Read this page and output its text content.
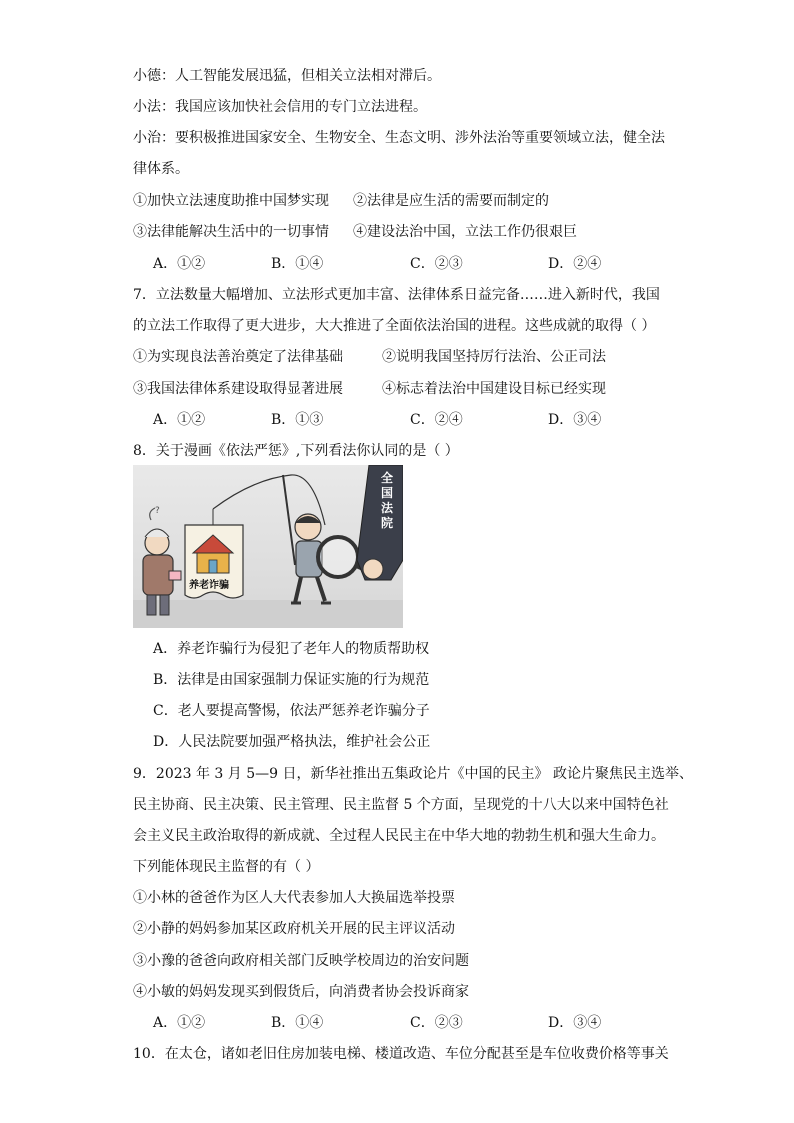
小德：人工智能发展迅猛，但相关立法相对滞后。
小法：我国应该加快社会信用的专门立法进程。
小治：要积极推进国家安全、生物安全、生态文明、涉外法治等重要领域立法，健全法
律体系。
①加快立法速度助推中国梦实现 ②法律是应生活的需要而制定的
③法律能解决生活中的一切事情 ④建设法治中国，立法工作仍很艰巨
A．①②	B．①④	C．②③	D．②④
7．立法数量大幅增加、立法形式更加丰富、法律体系日益完备……进入新时代，我国
的立法工作取得了更大进步，大大推进了全面依法治国的进程。这些成就的取得（ ）
①为实现良法善治奠定了法律基础	②说明我国坚持厉行法治、公正司法
③我国法律体系建设取得显著进展	④标志着法治中国建设目标已经实现
A．①②	B．①③	C．②④	D．③④
8．关于漫画《依法严惩》,下列看法你认同的是（ ）
?
养老诈骗
全
国
法
院
A．养老诈骗行为侵犯了老年人的物质帮助权
B．法律是由国家强制力保证实施的行为规范
C．老人要提高警惕，依法严惩养老诈骗分子
D．人民法院要加强严格执法，维护社会公正
9．2023 年 3 月 5—9 日，新华社推出五集政论片《中国的民主》 政论片聚焦民主选举、
民主协商、民主决策、民主管理、民主监督 5 个方面，呈现党的十八大以来中国特色社
会主义民主政治取得的新成就、全过程人民民主在中华大地的勃勃生机和强大生命力。
下列能体现民主监督的有（ ）
①小林的爸爸作为区人大代表参加人大换届选举投票
②小静的妈妈参加某区政府机关开展的民主评议活动
③小豫的爸爸向政府相关部门反映学校周边的治安问题
④小敏的妈妈发现买到假货后，向消费者协会投诉商家
A．①②	B．①④	C．②③	D．③④
10．在太仓，诸如老旧住房加装电梯、楼道改造、车位分配甚至是车位收费价格等事关
